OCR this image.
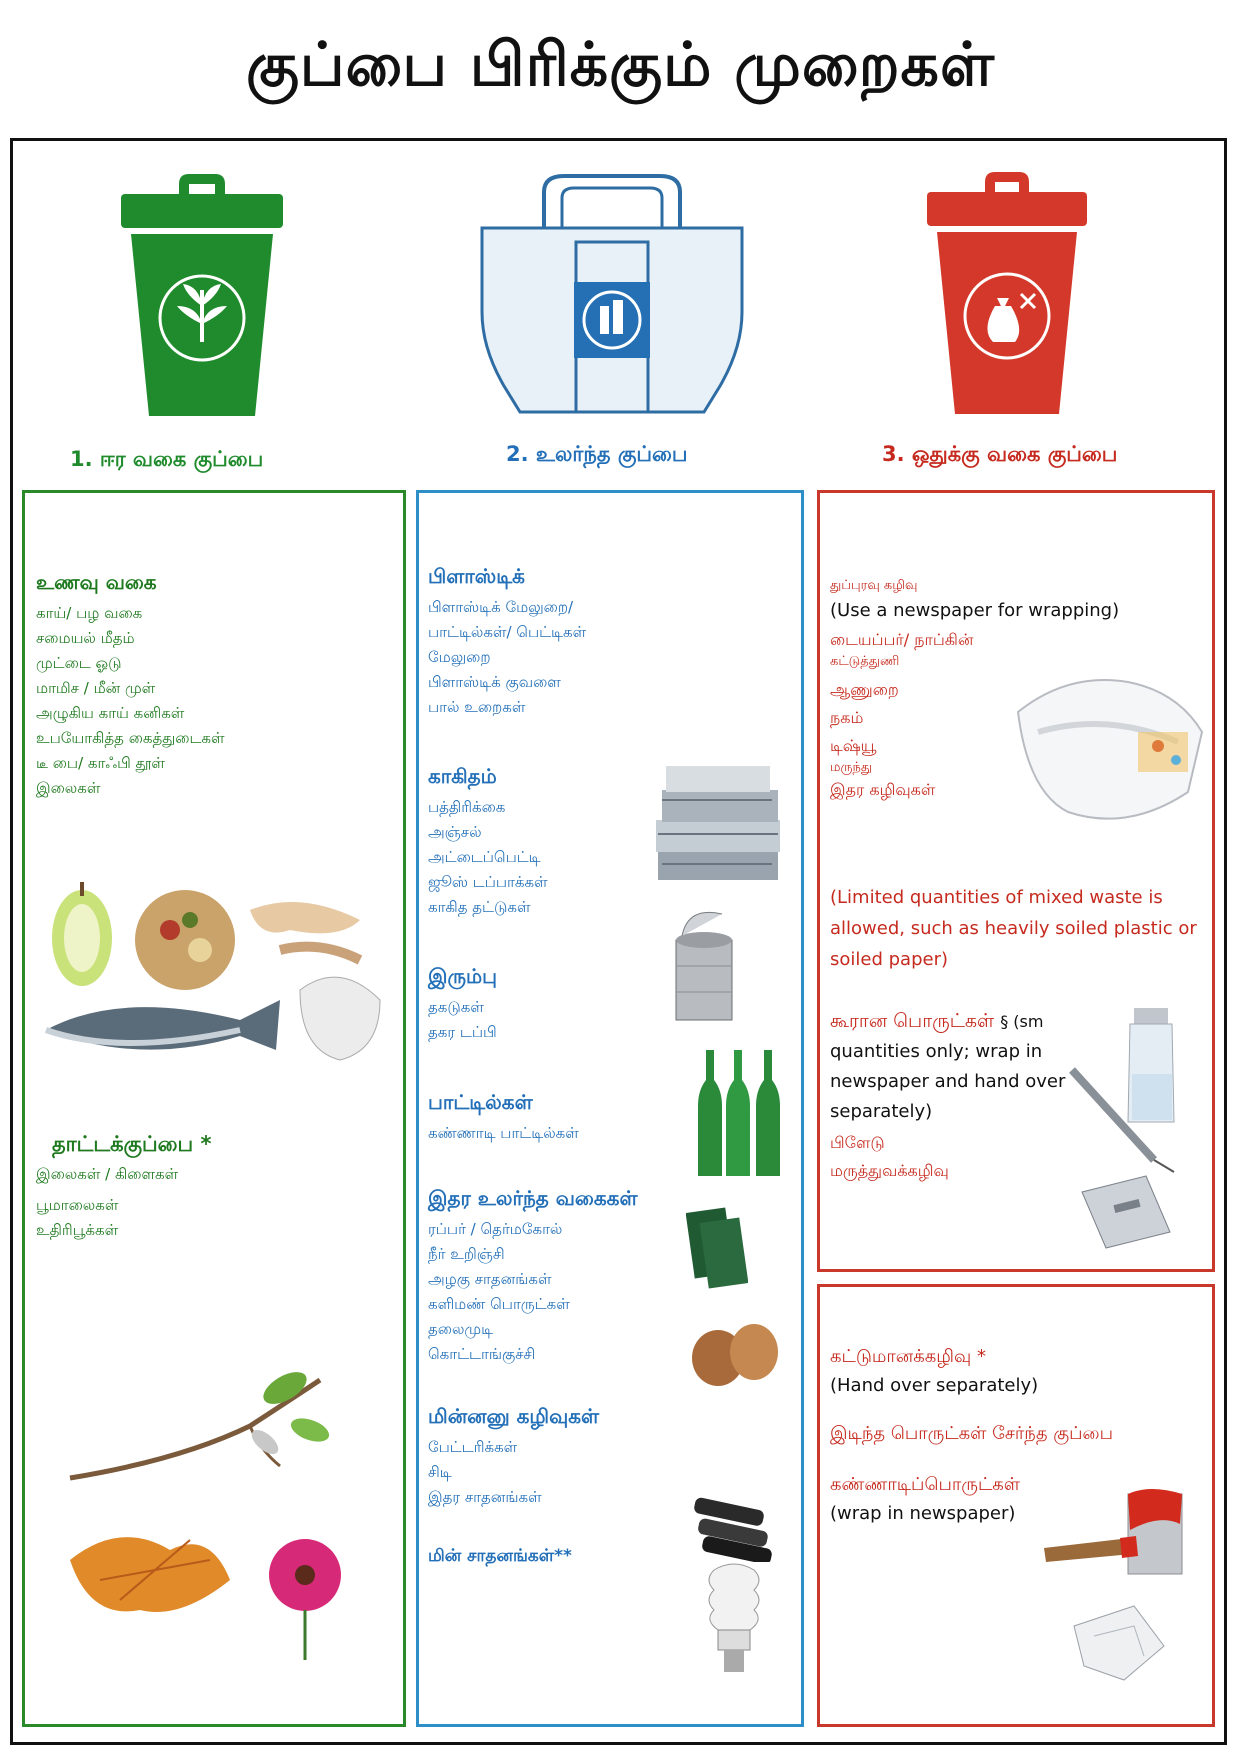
குப்பை பிரிக்கும் முறைகள்
1. ஈர வகை குப்பை	2. உலர்ந்த குப்பை	3. ஒதுக்கு வகை குப்பை

உணவு வகை

காய்/ பழ வகை

சமையல் மீதம்

முட்டை ஓடு

மாமிச / மீன் முள்

அழுகிய காய் கனிகள்

உபயோகித்த கைத்துடைகள்

டீ பை/ காஃபி தூள்

இலைகள்

தாட்டக்குப்பை *

இலைகள் / கிளைகள்

பூமாலைகள்

உதிரிபூக்கள்

பிளாஸ்டிக்

பிளாஸ்டிக் மேலுறை/

பாட்டில்கள்/ பெட்டிகள்

மேலுறை

பிளாஸ்டிக் குவளை

பால் உறைகள்

காகிதம்

பத்திரிக்கை

அஞ்சல்

அட்டைப்பெட்டி

ஜூஸ் டப்பாக்கள்

காகித தட்டுகள்

இரும்பு

தகடுகள்

தகர டப்பி

பாட்டில்கள்

கண்ணாடி பாட்டில்கள்

இதர உலர்ந்த வகைகள்

ரப்பர் / தெர்மகோல்

நீர் உறிஞ்சி

அழகு சாதனங்கள்

களிமண் பொருட்கள்

தலைமுடி

கொட்டாங்குச்சி

மின்னனு கழிவுகள்

பேட்டரிக்கள்

சிடி

இதர சாதனங்கள்

மின் சாதனங்கள்**

துப்புரவு கழிவு

(Use a newspaper for wrapping)

டையப்பர்/ நாப்கின்

கட்டுத்துணி

ஆணுறை

நகம்

டிஷ்யூ

மருந்து

இதர கழிவுகள்

(Limited quantities of mixed waste is allowed, such as heavily soiled plastic or soiled paper)

கூரான பொருட்கள் § (sm

quantities only; wrap in newspaper and hand over separately)

பிளேடு

மருத்துவக்கழிவு

கட்டுமானக்கழிவு *

(Hand over separately)

இடிந்த பொருட்கள் சேர்ந்த குப்பை

கண்ணாடிப்பொருட்கள்

(wrap in newspaper)
